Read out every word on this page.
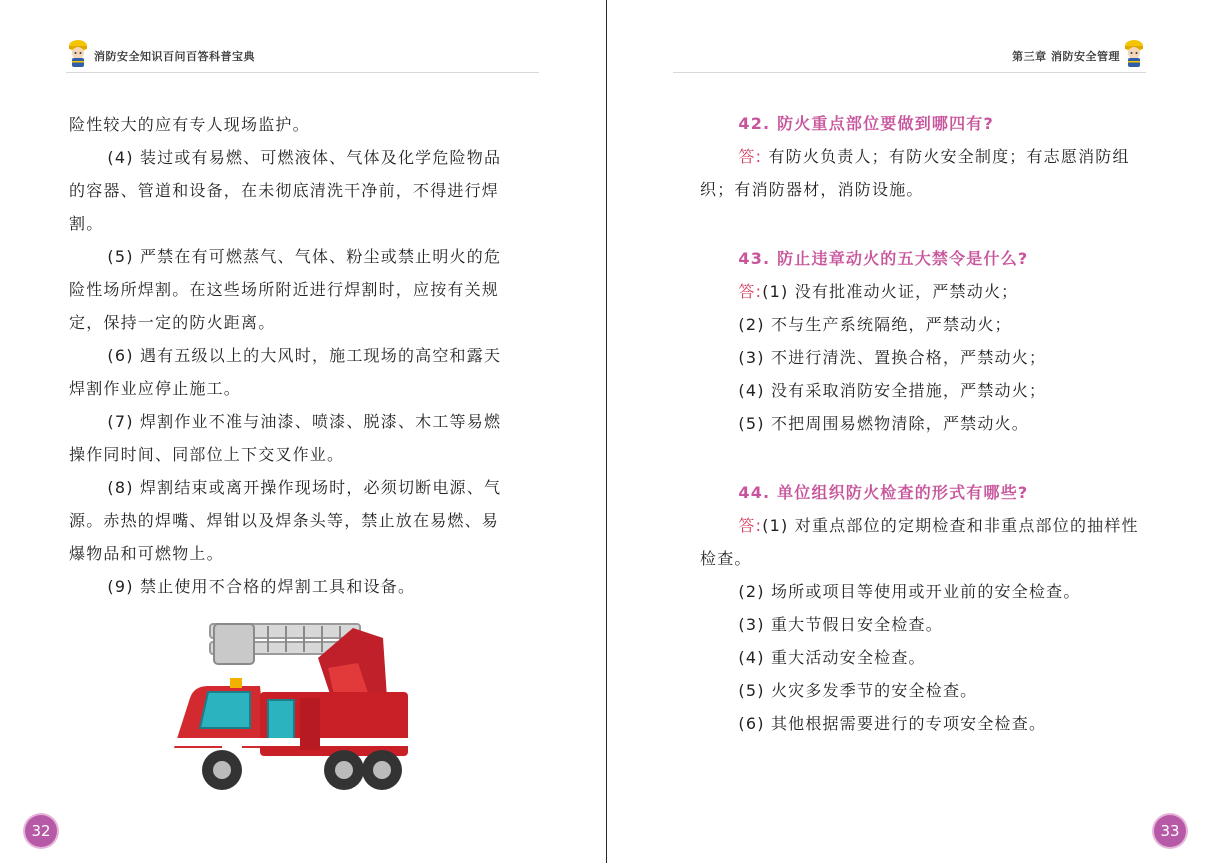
消防安全知识百问百答科普宝典

险性较大的应有专人现场监护。

(4) 装过或有易燃、可燃液体、气体及化学危险物品的容器、管道和设备，在未彻底清洗干净前，不得进行焊割。

(5) 严禁在有可燃蒸气、气体、粉尘或禁止明火的危险性场所焊割。在这些场所附近进行焊割时，应按有关规定，保持一定的防火距离。

(6) 遇有五级以上的大风时，施工现场的高空和露天焊割作业应停止施工。

(7) 焊割作业不准与油漆、喷漆、脱漆、木工等易燃操作同时间、同部位上下交叉作业。

(8) 焊割结束或离开操作现场时，必须切断电源、气源。赤热的焊嘴、焊钳以及焊条头等，禁止放在易燃、易爆物品和可燃物上。

(9) 禁止使用不合格的焊割工具和设备。

32
第三章 消防安全管理

42. 防火重点部位要做到哪四有?

答: 有防火负责人；有防火安全制度；有志愿消防组织；有消防器材，消防设施。

43. 防止违章动火的五大禁令是什么?

答:(1) 没有批准动火证，严禁动火；

(2) 不与生产系统隔绝，严禁动火；

(3) 不进行清洗、置换合格，严禁动火；

(4) 没有采取消防安全措施，严禁动火；

(5) 不把周围易燃物清除，严禁动火。

44. 单位组织防火检查的形式有哪些?

答:(1) 对重点部位的定期检查和非重点部位的抽样性检查。

(2) 场所或项目等使用或开业前的安全检查。

(3) 重大节假日安全检查。

(4) 重大活动安全检查。

(5) 火灾多发季节的安全检查。

(6) 其他根据需要进行的专项安全检查。

33
